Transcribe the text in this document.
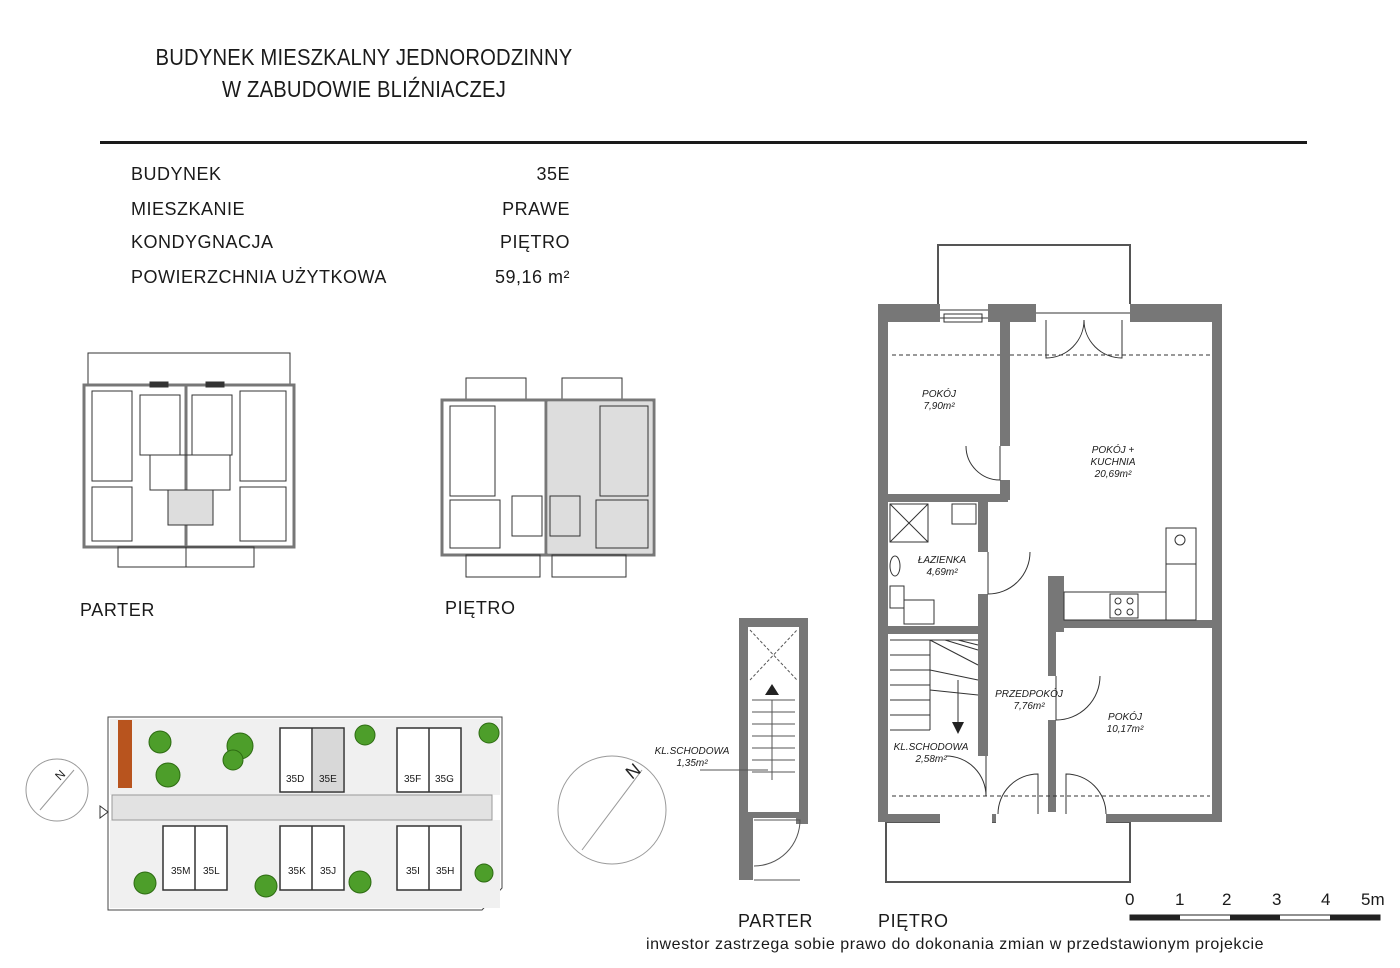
BUDYNEK MIESZKALNY JEDNORODZINNY
W ZABUDOWIE BLIŹNIACZEJ
BUDYNEK	35E
MIESZKANIE	PRAWE
KONDYGNACJA	PIĘTRO
POWIERZCHNIA UŻYTKOWA	59,16 m²
N	N
PARTER	PIĘTRO
35D 35E	35F 35G
35M 35L	35K 35J	35I 35H
KL.SCHODOWA
1,35m²
PARTER	PIĘTRO
POKÓJ
7,90m²
POKÓJ +
KUCHNIA
20,69m²
ŁAZIENKA
4,69m²
PRZEDPOKÓJ
7,76m²
POKÓJ
10,17m²
KL.SCHODOWA
2,58m²
0 1 2 3 4 5m
inwestor zastrzega sobie prawo do dokonania zmian w przedstawionym projekcie
